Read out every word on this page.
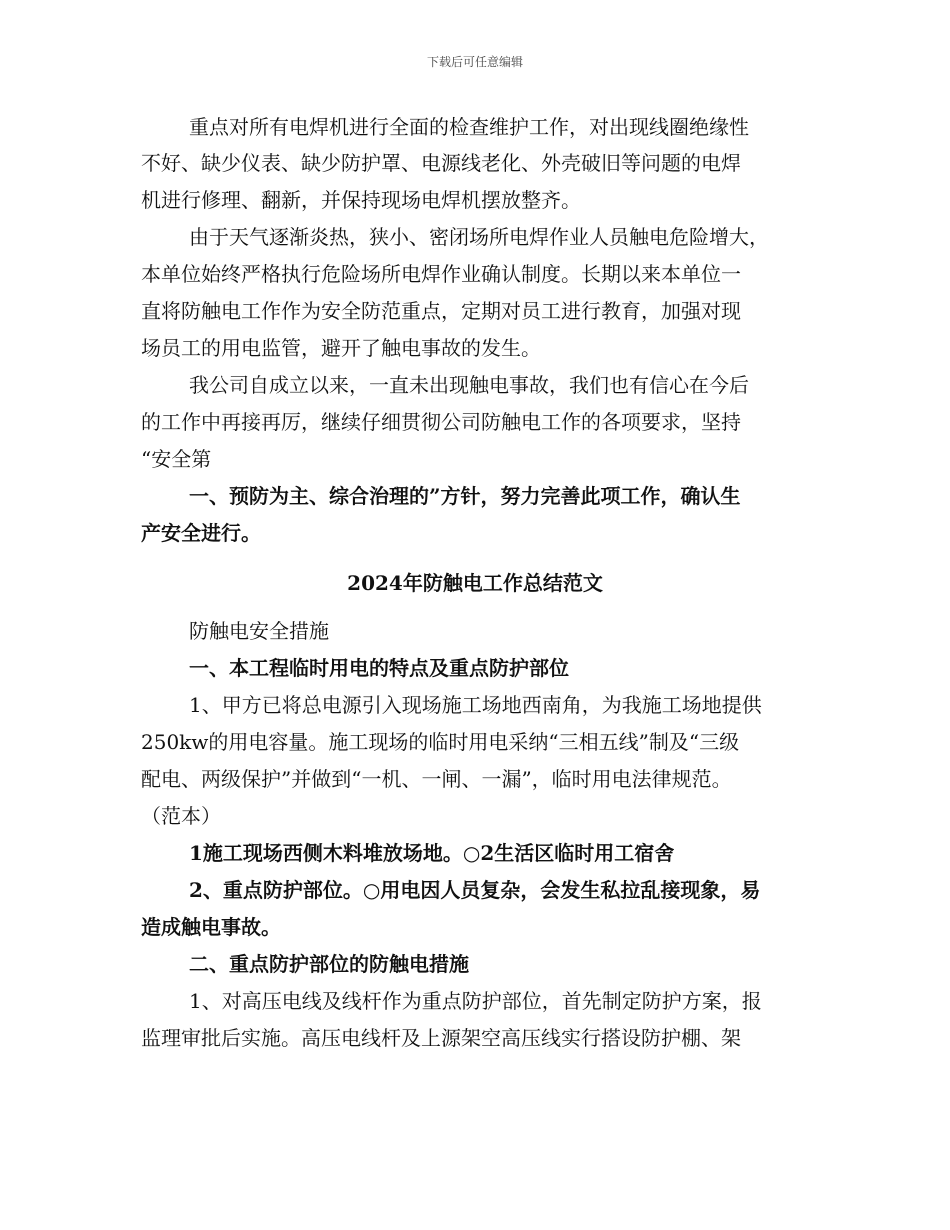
下载后可任意编辑
重点对所有电焊机进行全面的检查维护工作，对出现线圈绝缘性
不好、缺少仪表、缺少防护罩、电源线老化、外壳破旧等问题的电焊
机进行修理、翻新，并保持现场电焊机摆放整齐。
由于天气逐渐炎热，狭小、密闭场所电焊作业人员触电危险增大，
本单位始终严格执行危险场所电焊作业确认制度。长期以来本单位一
直将防触电工作作为安全防范重点，定期对员工进行教育，加强对现
场员工的用电监管，避开了触电事故的发生。
我公司自成立以来，一直未出现触电事故，我们也有信心在今后
的工作中再接再厉，继续仔细贯彻公司防触电工作的各项要求，坚持
“安全第
一、预防为主、综合治理的”方针，努力完善此项工作，确认生
产安全进行。
2024年防触电工作总结范文
防触电安全措施
一、本工程临时用电的特点及重点防护部位
1、甲方已将总电源引入现场施工场地西南角，为我施工场地提供
250kw的用电容量。施工现场的临时用电采纳“三相五线”制及“三级
配电、两级保护”并做到“一机、一闸、一漏”，临时用电法律规范。
（范本）
1施工现场西侧木料堆放场地。○2生活区临时用工宿舍
2、重点防护部位。○用电因人员复杂，会发生私拉乱接现象，易
造成触电事故。
二、重点防护部位的防触电措施
1、对高压电线及线杆作为重点防护部位，首先制定防护方案，报
监理审批后实施。高压电线杆及上源架空高压线实行搭设防护棚、架
